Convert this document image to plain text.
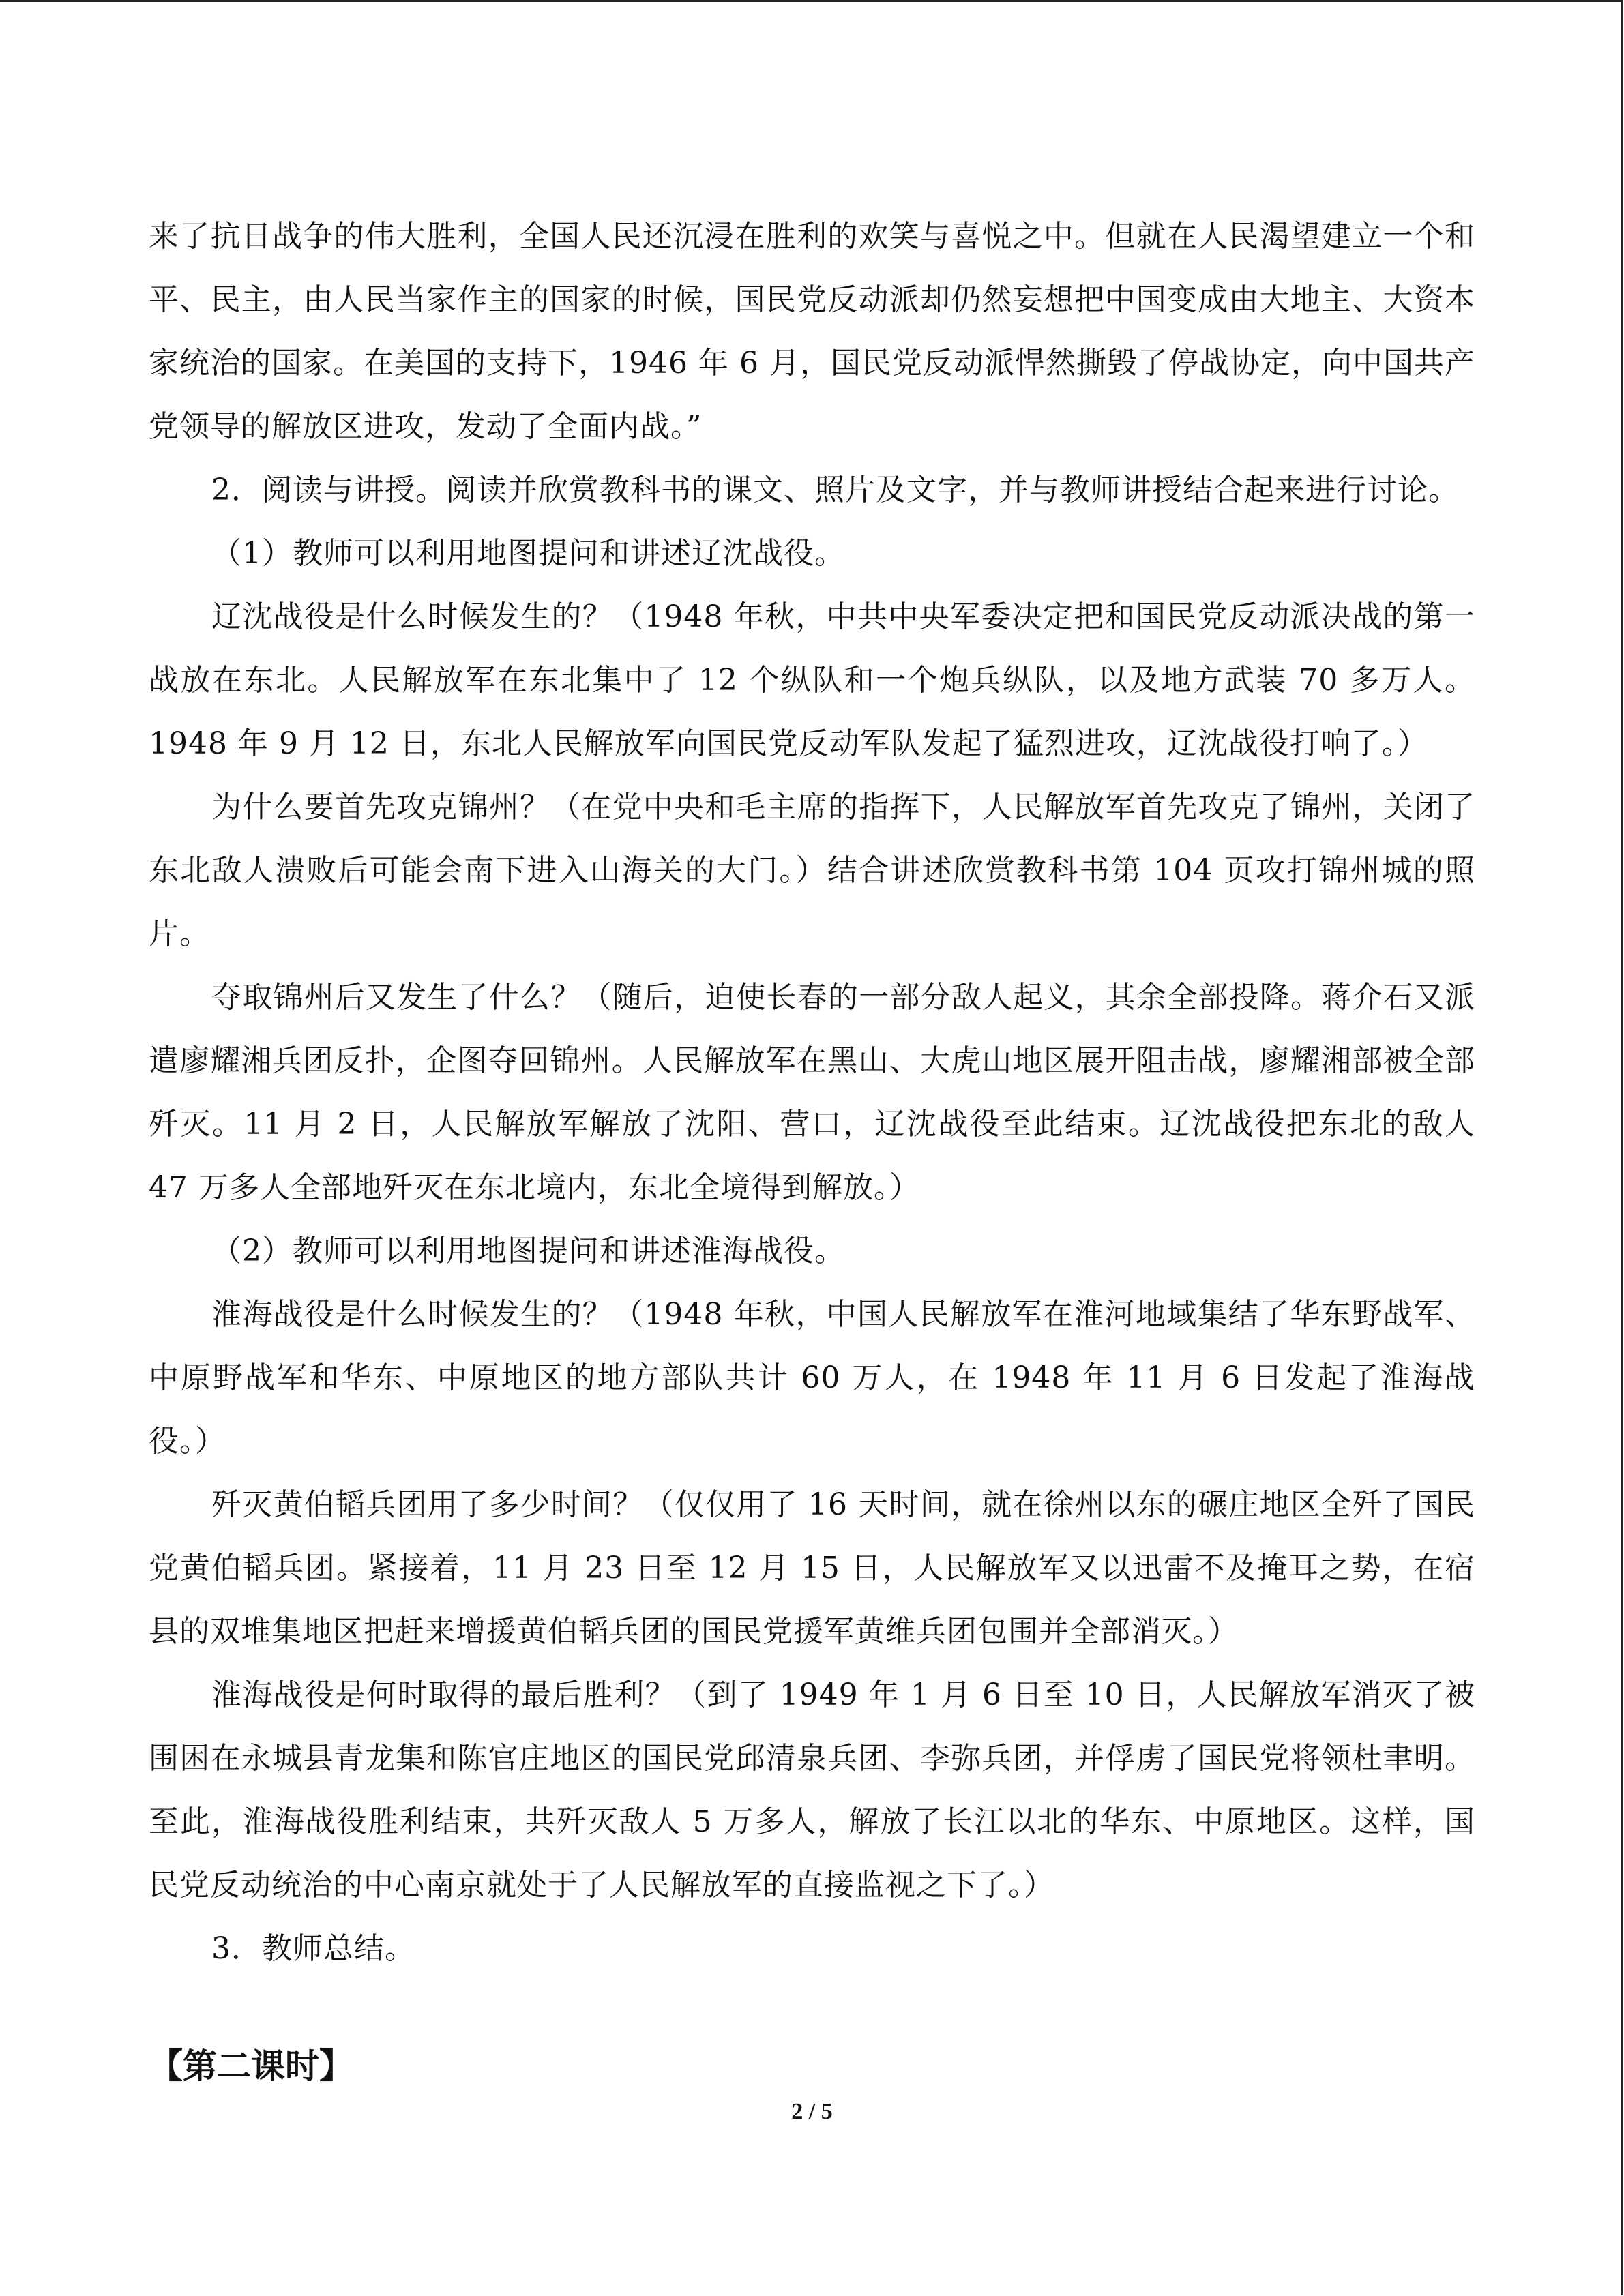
来了抗日战争的伟大胜利，全国人民还沉浸在胜利的欢笑与喜悦之中。但就在人民渴望建立一个和平、民主，由人民当家作主的国家的时候，国民党反动派却仍然妄想把中国变成由大地主、大资本家统治的国家。在美国的支持下，1946 年 6 月，国民党反动派悍然撕毁了停战协定，向中国共产党领导的解放区进攻，发动了全面内战。”

2．阅读与讲授。阅读并欣赏教科书的课文、照片及文字，并与教师讲授结合起来进行讨论。

（1）教师可以利用地图提问和讲述辽沈战役。

辽沈战役是什么时候发生的？（1948 年秋，中共中央军委决定把和国民党反动派决战的第一战放在东北。人民解放军在东北集中了 12 个纵队和一个炮兵纵队，以及地方武装 70 多万人。1948 年 9 月 12 日，东北人民解放军向国民党反动军队发起了猛烈进攻，辽沈战役打响了。）

为什么要首先攻克锦州？（在党中央和毛主席的指挥下，人民解放军首先攻克了锦州，关闭了东北敌人溃败后可能会南下进入山海关的大门。）结合讲述欣赏教科书第 104 页攻打锦州城的照片。

夺取锦州后又发生了什么？（随后，迫使长春的一部分敌人起义，其余全部投降。蒋介石又派遣廖耀湘兵团反扑，企图夺回锦州。人民解放军在黑山、大虎山地区展开阻击战，廖耀湘部被全部歼灭。11 月 2 日，人民解放军解放了沈阳、营口，辽沈战役至此结束。辽沈战役把东北的敌人 47 万多人全部地歼灭在东北境内，东北全境得到解放。）

（2）教师可以利用地图提问和讲述淮海战役。

淮海战役是什么时候发生的？（1948 年秋，中国人民解放军在淮河地域集结了华东野战军、中原野战军和华东、中原地区的地方部队共计 60 万人，在 1948 年 11 月 6 日发起了淮海战役。）

歼灭黄伯韬兵团用了多少时间？（仅仅用了 16 天时间，就在徐州以东的碾庄地区全歼了国民党黄伯韬兵团。紧接着，11 月 23 日至 12 月 15 日，人民解放军又以迅雷不及掩耳之势，在宿县的双堆集地区把赶来增援黄伯韬兵团的国民党援军黄维兵团包围并全部消灭。）

淮海战役是何时取得的最后胜利？（到了 1949 年 1 月 6 日至 10 日，人民解放军消灭了被围困在永城县青龙集和陈官庄地区的国民党邱清泉兵团、李弥兵团，并俘虏了国民党将领杜聿明。至此，淮海战役胜利结束，共歼灭敌人 5 万多人，解放了长江以北的华东、中原地区。这样，国民党反动统治的中心南京就处于了人民解放军的直接监视之下了。）

3．教师总结。

【第二课时】
2 / 5
